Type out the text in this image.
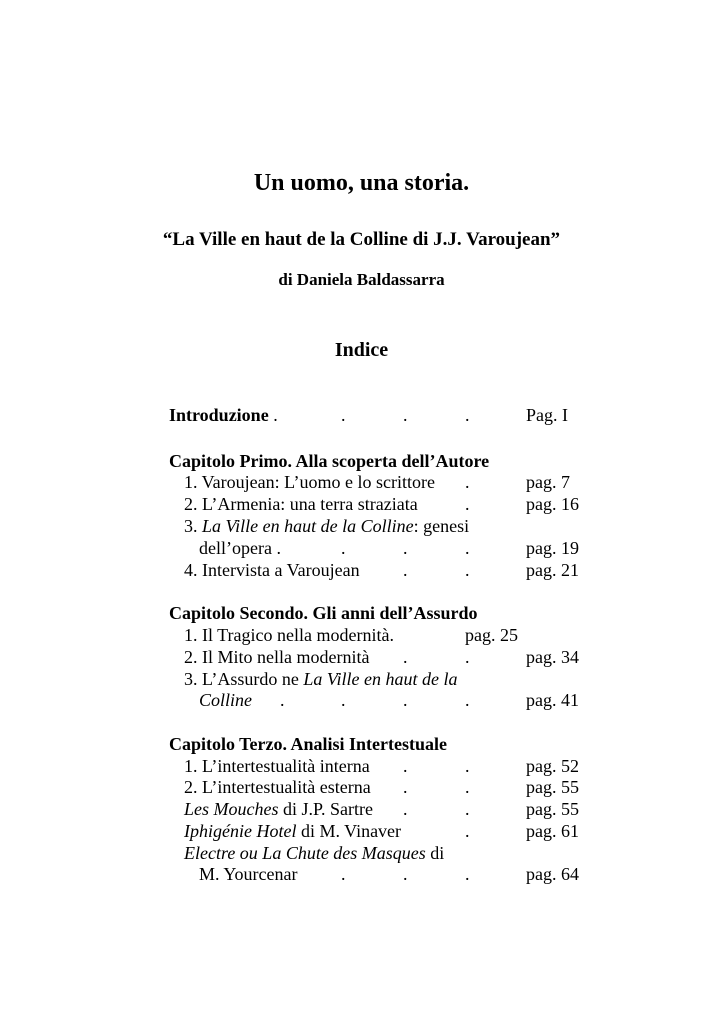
Un uomo, una storia.
“La Ville en haut de la Colline di J.J. Varoujean”
di Daniela Baldassarra
Indice
Introduzione .	.	.	.	Pag. I
Capitolo Primo. Alla scoperta dell’Autore
1. Varoujean: L’uomo e lo scrittore .	pag. 7
2. L’Armenia: una terra straziata	.	pag. 16
3. La Ville en haut de la Colline: genesi
dell’opera .	.	.	.	pag. 19
4. Intervista a Varoujean .	.	pag. 21
Capitolo Secondo. Gli anni dell’Assurdo
1. Il Tragico nella modernità.	pag. 25
2. Il Mito nella modernità .	.	pag. 34
3. L’Assurdo ne La Ville en haut de la
Colline .	.	.	.	pag. 41
Capitolo Terzo. Analisi Intertestuale
1. L’intertestualità interna .	.	pag. 52
2. L’intertestualità esterna .	.	pag. 55
Les Mouches di J.P. Sartre .	.	pag. 55
Iphigénie Hotel di M. Vinaver	.	pag. 61
Electre ou La Chute des Masques di
M. Yourcenar .	.	.	pag. 64
